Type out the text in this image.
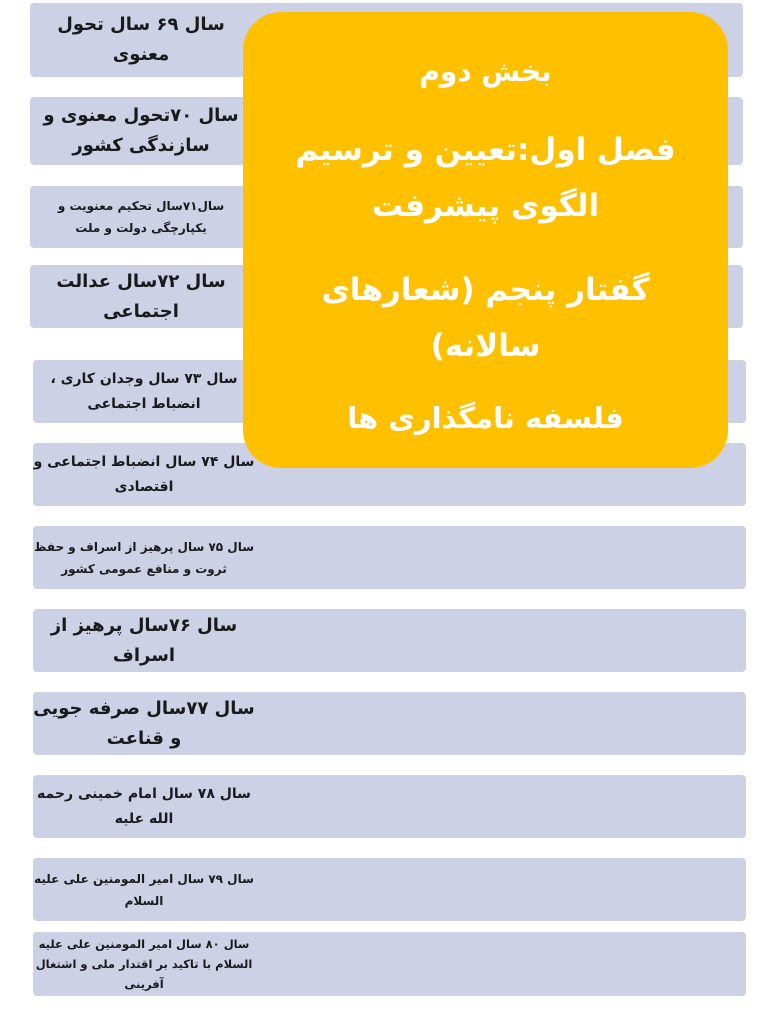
سال ۶۹ سال تحول معنوی
سال ۷۰تحول معنوی و سازندگی کشور
سال۷۱سال تحکیم معنویت و یکپارچگی دولت و ملت
سال ۷۲سال عدالت اجتماعی
سال ۷۳ سال وجدان کاری ، انضباط اجتماعی
سال ۷۴ سال انضباط اجتماعی و اقتصادی
سال ۷۵ سال پرهیز از اسراف و حفظ ثروت و منافع عمومی کشور
سال ۷۶سال پرهیز از اسراف
سال ۷۷سال صرفه جویی و قناعت
سال ۷۸ سال امام خمینی رحمه الله علیه
سال ۷۹ سال امیر المومنین علی علیه السلام
سال ۸۰ سال امیر المومنین علی علیه السلام با تاکید بر اقتدار ملی و اشتغال آفرینی
بخش دوم
فصل اول:تعیین و ترسیم الگوی پیشرفت
گفتار پنجم (شعارهای سالانه)
فلسفه نامگذاری ها
